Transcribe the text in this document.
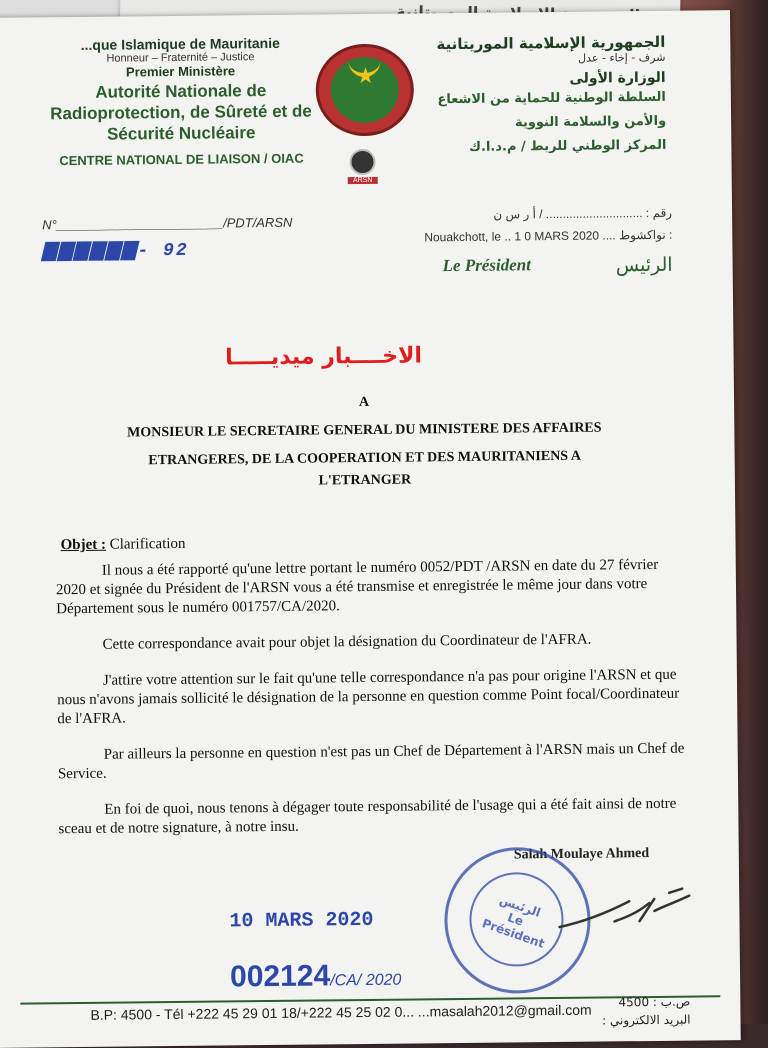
...que Islamique de Mauritanie
Honneur – Fraternité – Justice
Premier Ministère
Autorité Nationale de Radioprotection, de Sûreté et de Sécurité Nucléaire
CENTRE NATIONAL DE LIAISON / OIAC
★
ARSN
الجمهورية الإسلامية الموريتانية
شرف - إخاء - عدل
الوزارة الأولى
السلطة الوطنية للحماية من الاشعاع والأمن والسلامة النووية
المركز الوطني للربط / م.د.ا.ك
N°_______________________/PDT/ARSN
▇▇▇▇▇▇- 92
رقم : ............................. / أ ر س ن
Nouakchott, le .. 1 0 MARS 2020 .... نواكشوط :
Le Président	الرئيس
الاخــــبار ميديـــــا
A
MONSIEUR LE SECRETAIRE GENERAL DU MINISTERE DES AFFAIRES
ETRANGERES, DE LA COOPERATION ET DES MAURITANIENS A
L'ETRANGER
Objet : Clarification

Il nous a été rapporté qu'une lettre portant le numéro 0052/PDT /ARSN en date du 27 février 2020 et signée du Président de l'ARSN vous a été transmise et enregistrée le même jour dans votre Département sous le numéro 001757/CA/2020.

Cette correspondance avait pour objet la désignation du Coordinateur de l'AFRA.

J'attire votre attention sur le fait qu'une telle correspondance n'a pas pour origine l'ARSN et que nous n'avons jamais sollicité le désignation de la personne en question comme Point focal/Coordinateur de l'AFRA.

Par ailleurs la personne en question n'est pas un Chef de Département à l'ARSN mais un Chef de Service.

En foi de quoi, nous tenons à dégager toute responsabilité de l'usage qui a été fait ainsi de notre sceau et de notre signature, à notre insu.

Salah Moulaye Ahmed
الرئيس Le Président
10 MARS 2020
002124/CA/ 2020
B.P: 4500 - Tél +222 45 29 01 18/+222 45 25 02 0... ...masalah2012@gmail.com	ص.ب : 4500
البريد الالكتروني :
